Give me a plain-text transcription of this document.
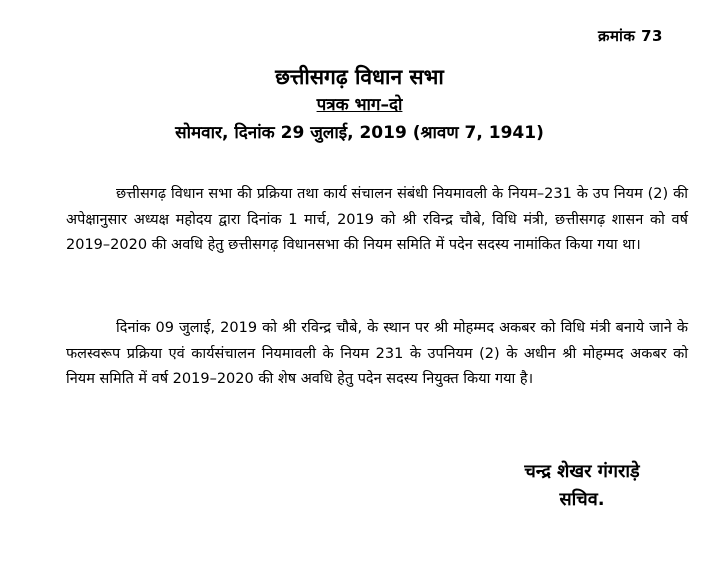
क्रमांक 73
छत्तीसगढ़ विधान सभा
पत्रक भाग–दो
सोमवार, दिनांक 29 जुलाई, 2019 (श्रावण 7, 1941)

छत्तीसगढ़ विधान सभा की प्रक्रिया तथा कार्य संचालन संबंधी नियमावली के नियम–231 के उप नियम (2) की अपेक्षानुसार अध्यक्ष महोदय द्वारा दिनांक 1 मार्च, 2019 को श्री रविन्द्र चौबे, विधि मंत्री, छत्तीसगढ़ शासन को वर्ष 2019–2020 की अवधि हेतु छत्तीसगढ़ विधानसभा की नियम समिति में पदेन सदस्य नामांकित किया गया था।

दिनांक 09 जुलाई, 2019 को श्री रविन्द्र चौबे, के स्थान पर श्री मोहम्मद अकबर को विधि मंत्री बनाये जाने के फलस्वरूप प्रक्रिया एवं कार्यसंचालन नियमावली के नियम 231 के उपनियम (2) के अधीन श्री मोहम्मद अकबर को नियम समिति में वर्ष 2019–2020 की शेष अवधि हेतु पदेन सदस्य नियुक्त किया गया है।

चन्द्र शेखर गंगराड़े
सचिव.
